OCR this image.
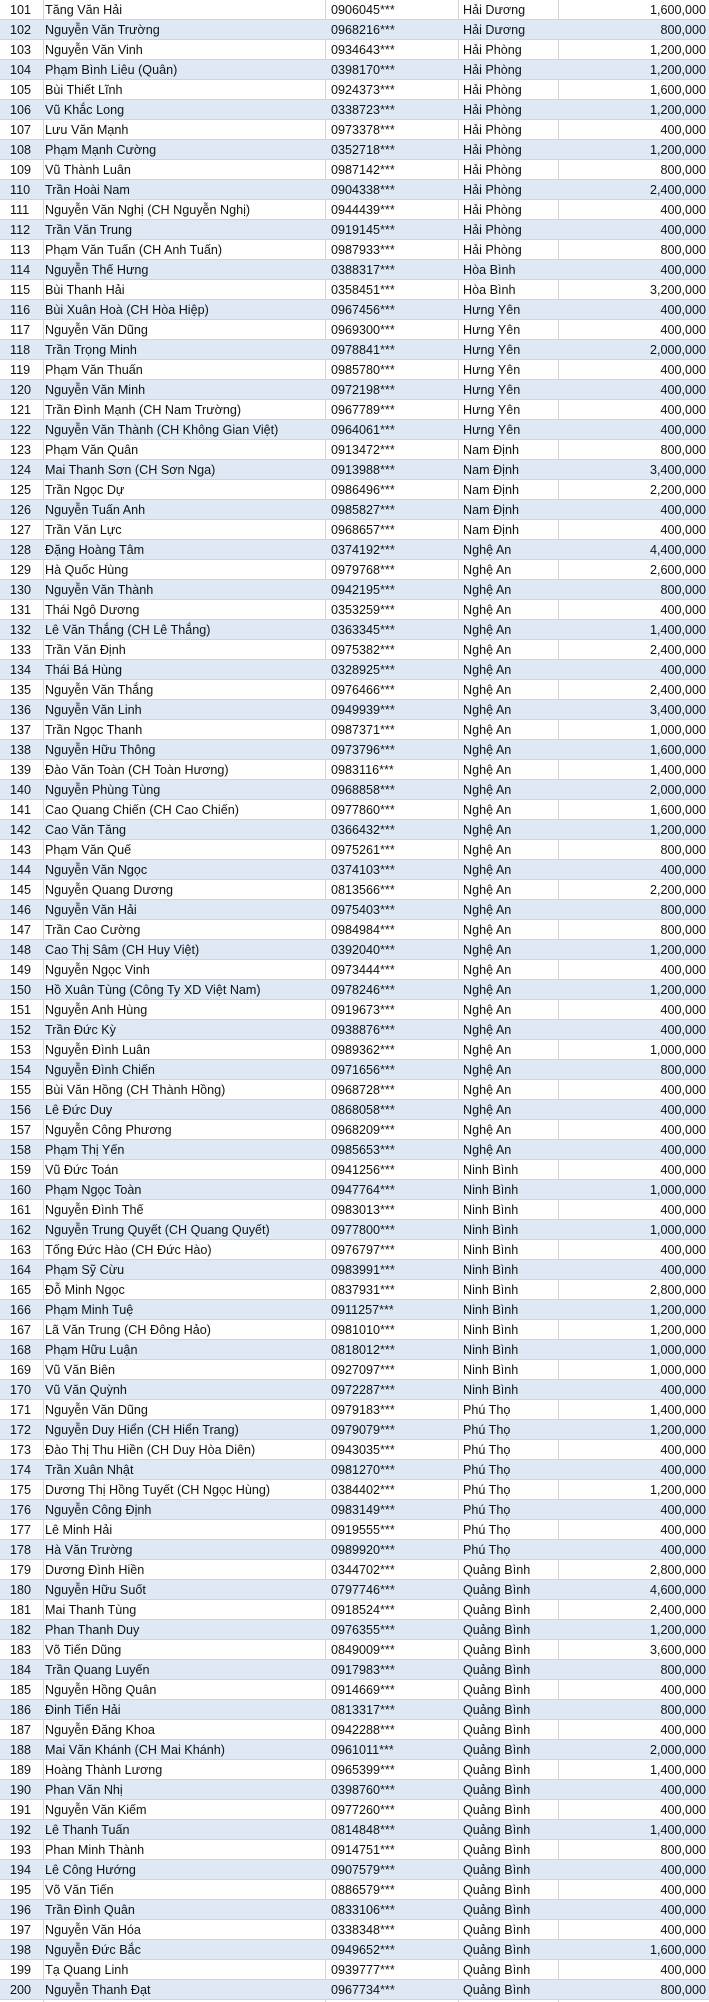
101	Tăng Văn Hải	0906045***	Hải Dương	1,600,000
102	Nguyễn Văn Trường	0968216***	Hải Dương	800,000
103	Nguyễn Văn Vinh	0934643***	Hải Phòng	1,200,000
104	Phạm Bình Liêu (Quân)	0398170***	Hải Phòng	1,200,000
105	Bùi Thiết Lĩnh	0924373***	Hải Phòng	1,600,000
106	Vũ Khắc Long	0338723***	Hải Phòng	1,200,000
107	Lưu Văn Mạnh	0973378***	Hải Phòng	400,000
108	Phạm Mạnh Cường	0352718***	Hải Phòng	1,200,000
109	Vũ Thành Luân	0987142***	Hải Phòng	800,000
110	Trần Hoài Nam	0904338***	Hải Phòng	2,400,000
111	Nguyễn Văn Nghị (CH Nguyễn Nghị)	0944439***	Hải Phòng	400,000
112	Trần Văn Trung	0919145***	Hải Phòng	400,000
113	Phạm Văn Tuấn (CH Anh Tuấn)	0987933***	Hải Phòng	800,000
114	Nguyễn Thế Hưng	0388317***	Hòa Bình	400,000
115	Bùi Thanh Hải	0358451***	Hòa Bình	3,200,000
116	Bùi Xuân Hoà (CH Hòa Hiệp)	0967456***	Hưng Yên	400,000
117	Nguyễn Văn Dũng	0969300***	Hưng Yên	400,000
118	Trần Trọng Minh	0978841***	Hưng Yên	2,000,000
119	Phạm Văn Thuấn	0985780***	Hưng Yên	400,000
120	Nguyễn Văn Minh	0972198***	Hưng Yên	400,000
121	Trần Đình Mạnh (CH Nam Trường)	0967789***	Hưng Yên	400,000
122	Nguyễn Văn Thành (CH Không Gian Việt)	0964061***	Hưng Yên	400,000
123	Phạm Văn Quân	0913472***	Nam Định	800,000
124	Mai Thanh Sơn (CH Sơn Nga)	0913988***	Nam Định	3,400,000
125	Trần Ngọc Dự	0986496***	Nam Định	2,200,000
126	Nguyễn Tuấn Anh	0985827***	Nam Định	400,000
127	Trần Văn Lực	0968657***	Nam Định	400,000
128	Đặng Hoàng Tâm	0374192***	Nghệ An	4,400,000
129	Hà Quốc Hùng	0979768***	Nghệ An	2,600,000
130	Nguyễn Văn Thành	0942195***	Nghệ An	800,000
131	Thái Ngô Dương	0353259***	Nghệ An	400,000
132	Lê Văn Thắng (CH Lê Thắng)	0363345***	Nghệ An	1,400,000
133	Trần Văn Định	0975382***	Nghệ An	2,400,000
134	Thái Bá Hùng	0328925***	Nghệ An	400,000
135	Nguyễn Văn Thắng	0976466***	Nghệ An	2,400,000
136	Nguyễn Văn Linh	0949939***	Nghệ An	3,400,000
137	Trần Ngọc Thanh	0987371***	Nghệ An	1,000,000
138	Nguyễn Hữu Thông	0973796***	Nghệ An	1,600,000
139	Đào Văn Toàn (CH Toàn Hương)	0983116***	Nghệ An	1,400,000
140	Nguyễn Phùng Tùng	0968858***	Nghệ An	2,000,000
141	Cao Quang Chiến (CH Cao Chiến)	0977860***	Nghệ An	1,600,000
142	Cao Văn Tăng	0366432***	Nghệ An	1,200,000
143	Phạm Văn Quế	0975261***	Nghệ An	800,000
144	Nguyễn Văn Ngọc	0374103***	Nghệ An	400,000
145	Nguyễn Quang Dương	0813566***	Nghệ An	2,200,000
146	Nguyễn Văn Hải	0975403***	Nghệ An	800,000
147	Trần Cao Cường	0984984***	Nghệ An	800,000
148	Cao Thị Sâm (CH Huy Việt)	0392040***	Nghệ An	1,200,000
149	Nguyễn Ngọc Vinh	0973444***	Nghệ An	400,000
150	Hồ Xuân Tùng (Công Ty XD Việt Nam)	0978246***	Nghệ An	1,200,000
151	Nguyễn Anh Hùng	0919673***	Nghệ An	400,000
152	Trần Đức Kỳ	0938876***	Nghệ An	400,000
153	Nguyễn Đình Luân	0989362***	Nghệ An	1,000,000
154	Nguyễn Đình Chiến	0971656***	Nghệ An	800,000
155	Bùi Văn Hồng (CH Thành Hồng)	0968728***	Nghệ An	400,000
156	Lê Đức Duy	0868058***	Nghệ An	400,000
157	Nguyễn Công Phương	0968209***	Nghệ An	400,000
158	Phạm Thị Yến	0985653***	Nghệ An	400,000
159	Vũ Đức Toán	0941256***	Ninh Bình	400,000
160	Phạm Ngọc Toàn	0947764***	Ninh Bình	1,000,000
161	Nguyễn Đình Thế	0983013***	Ninh Bình	400,000
162	Nguyễn Trung Quyết (CH Quang Quyết)	0977800***	Ninh Bình	1,000,000
163	Tống Đức Hào (CH Đức Hào)	0976797***	Ninh Bình	400,000
164	Phạm Sỹ Cừu	0983991***	Ninh Bình	400,000
165	Đỗ Minh Ngọc	0837931***	Ninh Bình	2,800,000
166	Phạm Minh Tuệ	0911257***	Ninh Bình	1,200,000
167	Lã Văn Trung (CH Đông Hảo)	0981010***	Ninh Bình	1,200,000
168	Phạm Hữu Luận	0818012***	Ninh Bình	1,000,000
169	Vũ Văn Biên	0927097***	Ninh Bình	1,000,000
170	Vũ Văn Quỳnh	0972287***	Ninh Bình	400,000
171	Nguyễn Văn Dũng	0979183***	Phú Thọ	1,400,000
172	Nguyễn Duy Hiển (CH Hiển Trang)	0979079***	Phú Thọ	1,200,000
173	Đào Thị Thu Hiền (CH Duy Hòa Diên)	0943035***	Phú Thọ	400,000
174	Trần Xuân Nhật	0981270***	Phú Thọ	400,000
175	Dương Thị Hồng Tuyết (CH Ngọc Hùng)	0384402***	Phú Thọ	1,200,000
176	Nguyễn Công Định	0983149***	Phú Thọ	400,000
177	Lê Minh Hải	0919555***	Phú Thọ	400,000
178	Hà Văn Trường	0989920***	Phú Thọ	400,000
179	Dương Đình Hiền	0344702***	Quảng Bình	2,800,000
180	Nguyễn Hữu Suốt	0797746***	Quảng Bình	4,600,000
181	Mai Thanh Tùng	0918524***	Quảng Bình	2,400,000
182	Phan Thanh Duy	0976355***	Quảng Bình	1,200,000
183	Võ Tiến Dũng	0849009***	Quảng Bình	3,600,000
184	Trần Quang Luyến	0917983***	Quảng Bình	800,000
185	Nguyễn Hồng Quân	0914669***	Quảng Bình	400,000
186	Đinh Tiến Hải	0813317***	Quảng Bình	800,000
187	Nguyễn Đăng Khoa	0942288***	Quảng Bình	400,000
188	Mai Văn Khánh (CH Mai Khánh)	0961011***	Quảng Bình	2,000,000
189	Hoàng Thành Lương	0965399***	Quảng Bình	1,400,000
190	Phan Văn Nhị	0398760***	Quảng Bình	400,000
191	Nguyễn Văn Kiếm	0977260***	Quảng Bình	400,000
192	Lê Thanh Tuấn	0814848***	Quảng Bình	1,400,000
193	Phan Minh Thành	0914751***	Quảng Bình	800,000
194	Lê Công Hướng	0907579***	Quảng Bình	400,000
195	Võ Văn Tiến	0886579***	Quảng Bình	400,000
196	Trần Đình Quân	0833106***	Quảng Bình	400,000
197	Nguyễn Văn Hóa	0338348***	Quảng Bình	400,000
198	Nguyễn Đức Bắc	0949652***	Quảng Bình	1,600,000
199	Tạ Quang Linh	0939777***	Quảng Bình	400,000
200	Nguyễn Thanh Đạt	0967734***	Quảng Bình	800,000
